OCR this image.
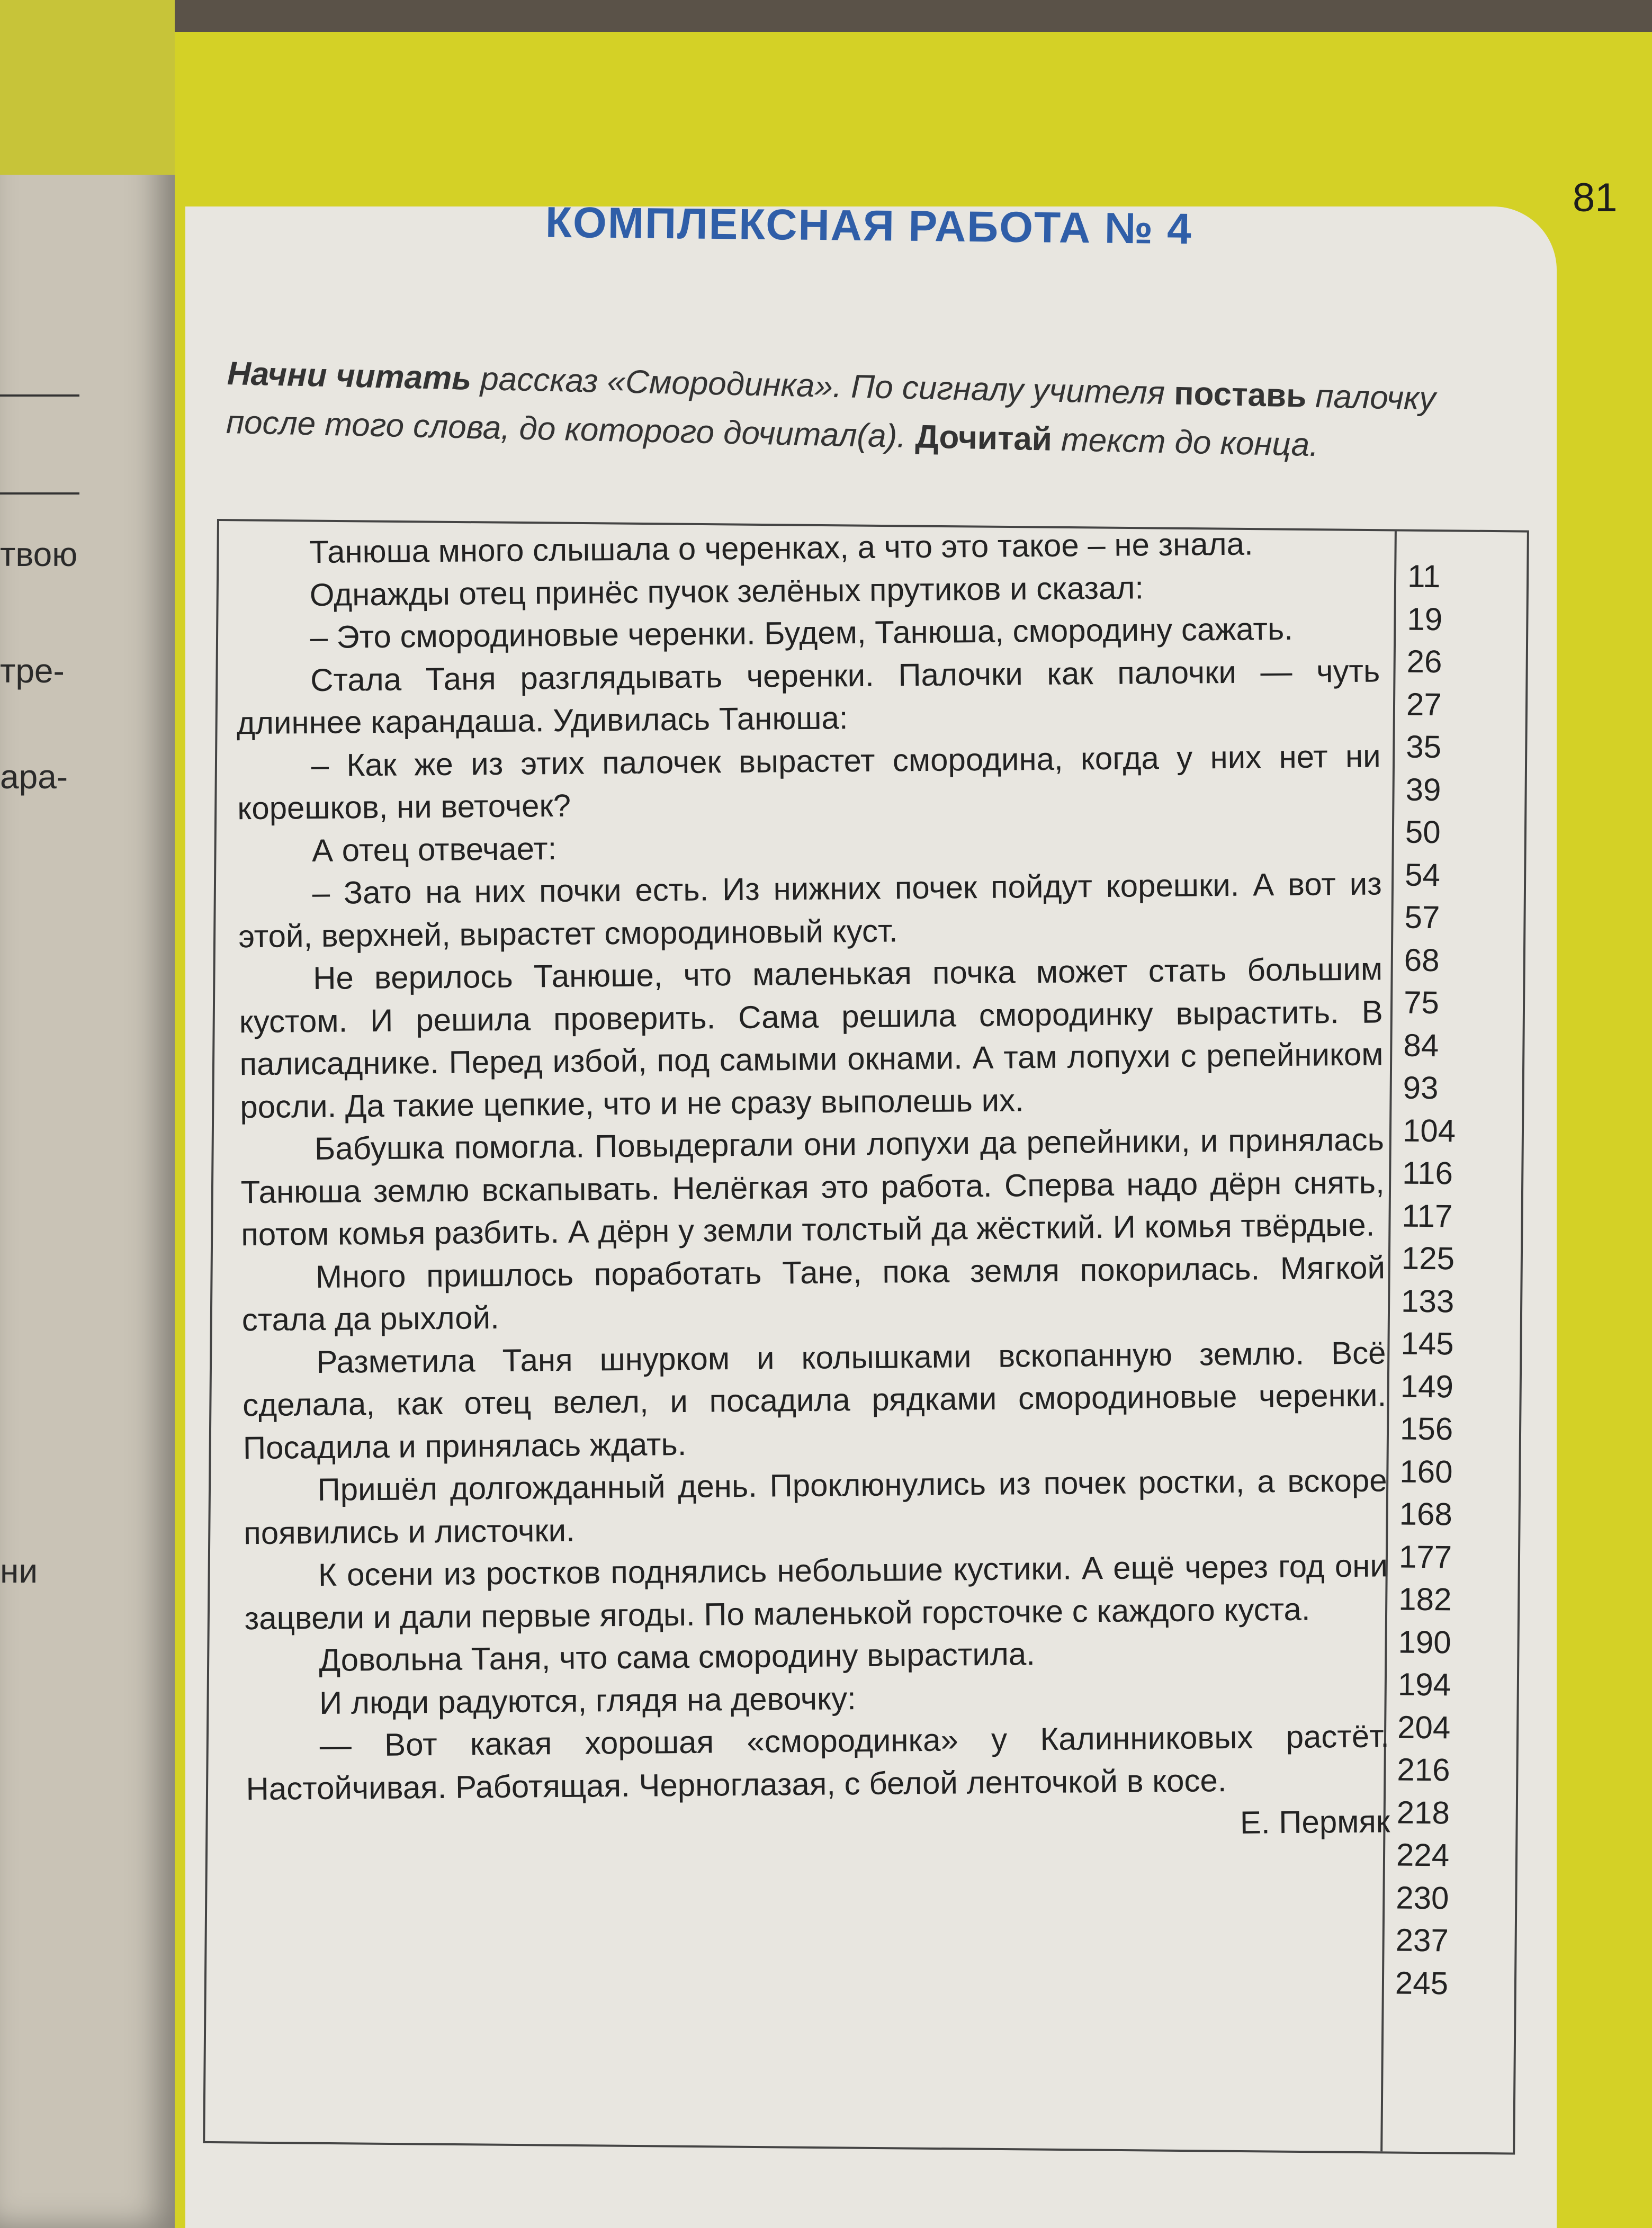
твою
тре-
ара-
ни
81
КОМПЛЕКСНАЯ РАБОТА № 4
Начни читать рассказ «Смородинка». По сигналу учителя поставь палочку после того слова, до которого дочитал(а). Дочитай текст до конца.

Танюша много слышала о черенках, а что это такое – не знала.

Однажды отец принёс пучок зелёных прутиков и сказал:

– Это смородиновые черенки. Будем, Танюша, смородину сажать.

Стала Таня разглядывать черенки. Палочки как палочки — чуть длиннее карандаша. Удивилась Танюша:

– Как же из этих палочек вырастет смородина, когда у них нет ни корешков, ни веточек?

А отец отвечает:

– Зато на них почки есть. Из нижних почек пойдут корешки. А вот из этой, верхней, вырастет смородиновый куст.

Не верилось Танюше, что маленькая почка может стать большим кустом. И решила проверить. Сама решила смородинку вырастить. В палисаднике. Перед избой, под самыми окнами. А там лопухи с репейником росли. Да такие цепкие, что и не сразу выполешь их.

Бабушка помогла. Повыдергали они лопухи да репейники, и принялась Танюша землю вскапывать. Нелёгкая это работа. Сперва надо дёрн снять, потом комья разбить. А дёрн у земли толстый да жёсткий. И комья твёрдые.

Много пришлось поработать Тане, пока земля покорилась. Мягкой стала да рыхлой.

Разметила Таня шнурком и колышками вскопанную землю. Всё сделала, как отец велел, и посадила рядками смородиновые черенки. Посадила и принялась ждать.

Пришёл долгожданный день. Проклюнулись из почек ростки, а вскоре появились и листочки.

К осени из ростков поднялись небольшие кустики. А ещё через год они зацвели и дали первые ягоды. По маленькой горсточке с каждого куста.

Довольна Таня, что сама смородину вырастила.

И люди радуются, глядя на девочку:

— Вот какая хорошая «смородинка» у Калинниковых растёт. Настойчивая. Работящая. Черноглазая, с белой ленточкой в косе.

Е. Пермяк

11
19
26
27
35
39
50
54
57
68
75
84
93
104
116
117
125
133
145
149
156
160
168
177
182
190
194
204
216
218
224
230
237
245
